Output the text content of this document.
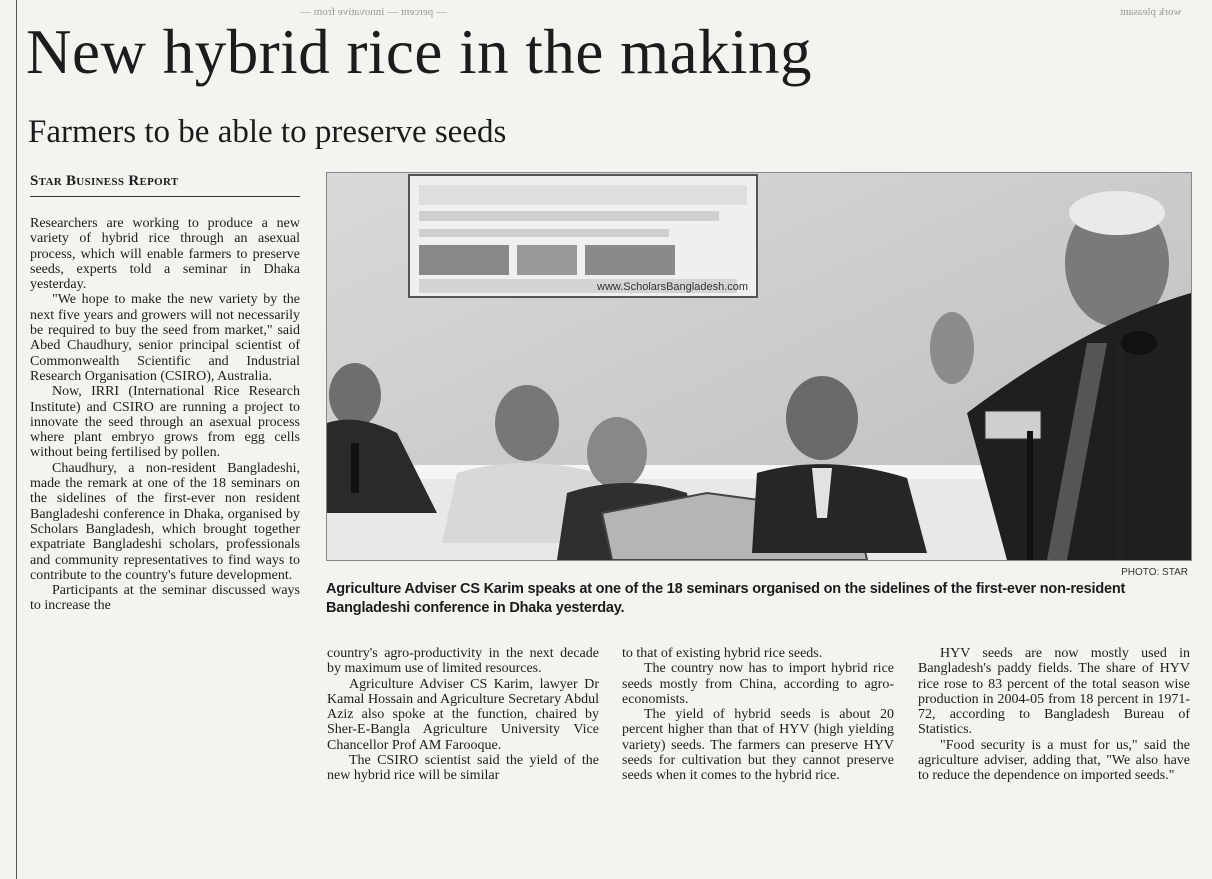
— percent — innovative from —	work pleasant
New hybrid rice in the making
Farmers to be able to preserve seeds
Star Business Report

Researchers are working to produce a new variety of hybrid rice through an asexual process, which will enable farmers to preserve seeds, experts told a seminar in Dhaka yesterday.

"We hope to make the new variety by the next five years and growers will not necessarily be required to buy the seed from market," said Abed Chaudhury, senior principal scientist of Commonwealth Scientific and Industrial Research Organisation (CSIRO), Australia.

Now, IRRI (International Rice Research Institute) and CSIRO are running a project to innovate the seed through an asexual process where plant embryo grows from egg cells without being fertilised by pollen.

Chaudhury, a non-resident Bangladeshi, made the remark at one of the 18 seminars on the sidelines of the first-ever non resident Bangladeshi conference in Dhaka, organised by Scholars Bangladesh, which brought together expatriate Bangladeshi scholars, professionals and community representatives to find ways to contribute to the country's future development.

Participants at the seminar discussed ways to increase the

www.ScholarsBangladesh.com
PHOTO: STAR
Agriculture Adviser CS Karim speaks at one of the 18 seminars organised on the sidelines of the first-ever non-resident Bangladeshi conference in Dhaka yesterday.

country's agro-productivity in the next decade by maximum use of limited resources.

Agriculture Adviser CS Karim, lawyer Dr Kamal Hossain and Agriculture Secretary Abdul Aziz also spoke at the function, chaired by Sher-E-Bangla Agriculture University Vice Chancellor Prof AM Farooque.

The CSIRO scientist said the yield of the new hybrid rice will be similar

to that of existing hybrid rice seeds.

The country now has to import hybrid rice seeds mostly from China, according to agro-economists.

The yield of hybrid seeds is about 20 percent higher than that of HYV (high yielding variety) seeds. The farmers can preserve HYV seeds for cultivation but they cannot preserve seeds when it comes to the hybrid rice.

HYV seeds are now mostly used in Bangladesh's paddy fields. The share of HYV rice rose to 83 percent of the total season wise production in 2004-05 from 18 percent in 1971-72, according to Bangladesh Bureau of Statistics.

"Food security is a must for us," said the agriculture adviser, adding that, "We also have to reduce the dependence on imported seeds."
